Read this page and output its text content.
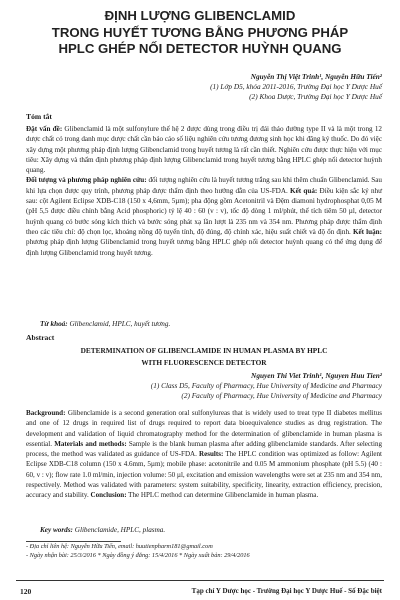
ĐỊNH LƯỢNG GLIBENCLAMID
TRONG HUYẾT TƯƠNG BẰNG PHƯƠNG PHÁP
HPLC GHÉP NỐI DETECTOR HUỲNH QUANG
Nguyễn Thị Việt Trinh¹, Nguyễn Hữu Tiến²
(1) Lớp D5, khóa 2011-2016, Trường Đại học Y Dược Huế
(2) Khoa Dược, Trường Đại học Y Dược Huế
Tóm tắt
Đặt vấn đề: Glibenclamid là một sulfonylure thế hệ 2 được dùng trong điều trị đái tháo đường type II và là một trong 12 dược chất có trong danh mục dược chất cần báo cáo số liệu nghiên cứu tương đương sinh học khi đăng ký thuốc. Do đó việc xây dựng một phương pháp định lượng Glibenclamid trong huyết tương là rất cần thiết. Nghiên cứu được thực hiện với mục tiêu: Xây dựng và thẩm định phương pháp định lượng Glibenclamid trong huyết tương bằng HPLC ghép nối detector huỳnh quang.
Đối tượng và phương pháp nghiên cứu: đối tượng nghiên cứu là huyết tương trắng sau khi thêm chuẩn Glibenclamid. Sau khi lựa chọn được quy trình, phương pháp được thẩm định theo hướng dẫn của US-FDA. Kết quả: Điều kiện sắc ký như sau: cột Agilent Eclipse XDB-C18 (150 x 4,6mm, 5µm); pha động gồm Acetonitril và Đệm diamoni hydrophosphat 0,05 M (pH 5,5 được điều chỉnh bằng Acid phosphoric) tỷ lệ 40 : 60 (v : v), tốc độ dòng 1 ml/phút, thể tích tiêm 50 µl, detector huỳnh quang có bước sóng kích thích và bước sóng phát xạ lần lượt là 235 nm và 354 nm. Phương pháp được thẩm định theo các tiêu chí: độ chọn lọc, khoảng nồng độ tuyến tính, độ đúng, độ chính xác, hiệu suất chiết và độ ổn định. Kết luận: phương pháp định lượng Glibenclamid trong huyết tương bằng HPLC ghép nối detector huỳnh quang có thể ứng dụng để định lượng Glibenclamid trong huyết tương.
Từ khoá: Glibenclamid, HPLC, huyết tương.
Abstract
DETERMINATION OF GLIBENCLAMIDE IN HUMAN PLASMA BY HPLC
WITH FLUORESCENCE DETECTOR
Nguyen Thi Viet Trinh¹, Nguyen Huu Tien²
(1) Class D5, Faculty of Pharmacy, Hue University of Medicine and Pharmacy
(2) Faculty of Pharmacy, Hue University of Medicine and Pharmacy
Background: Glibenclamide is a second generation oral sulfonylureas that is widely used to treat type II diabetes mellitus and one of 12 drugs in required list of drugs required to report data bioequivalence studies as drug registration. The development and validation of liquid chromatography method for the determination of glibenclamide in human plasma is essential. Materials and methods: Sample is the blank human plasma after adding glibenclamide standards. After selecting process, the method was validated as guidance of US-FDA. Results: The HPLC condition was optimized as follow: Agilent Eclipse XDB-C18 column (150 x 4.6mm, 5µm); mobile phase: acetonitrile and 0.05 M ammonium phosphate (pH 5.5) (40 : 60, v : v); flow rate 1.0 ml/min, injection volume: 50 µl, excitation and emission wavelengths were set at 235 nm and 354 nm, respectively. Method was validated with parameters: system suitability, specificity, linearity, extraction efficiency, precision, accuracy and stability. Conclusion: The HPLC method can determine Glibenclamide in human plasma.
Key words: Glibenclamide, HPLC, plasma.
- Địa chỉ liên hệ: Nguyễn Hữu Tiến, email: huutienpharm181@gmail.com
- Ngày nhận bài: 25/3/2016 * Ngày đồng ý đăng: 15/4/2016 * Ngày xuất bản: 29/4/2016
120	Tạp chí Y Dược học - Trường Đại học Y Dược Huế - Số Đặc biệt
